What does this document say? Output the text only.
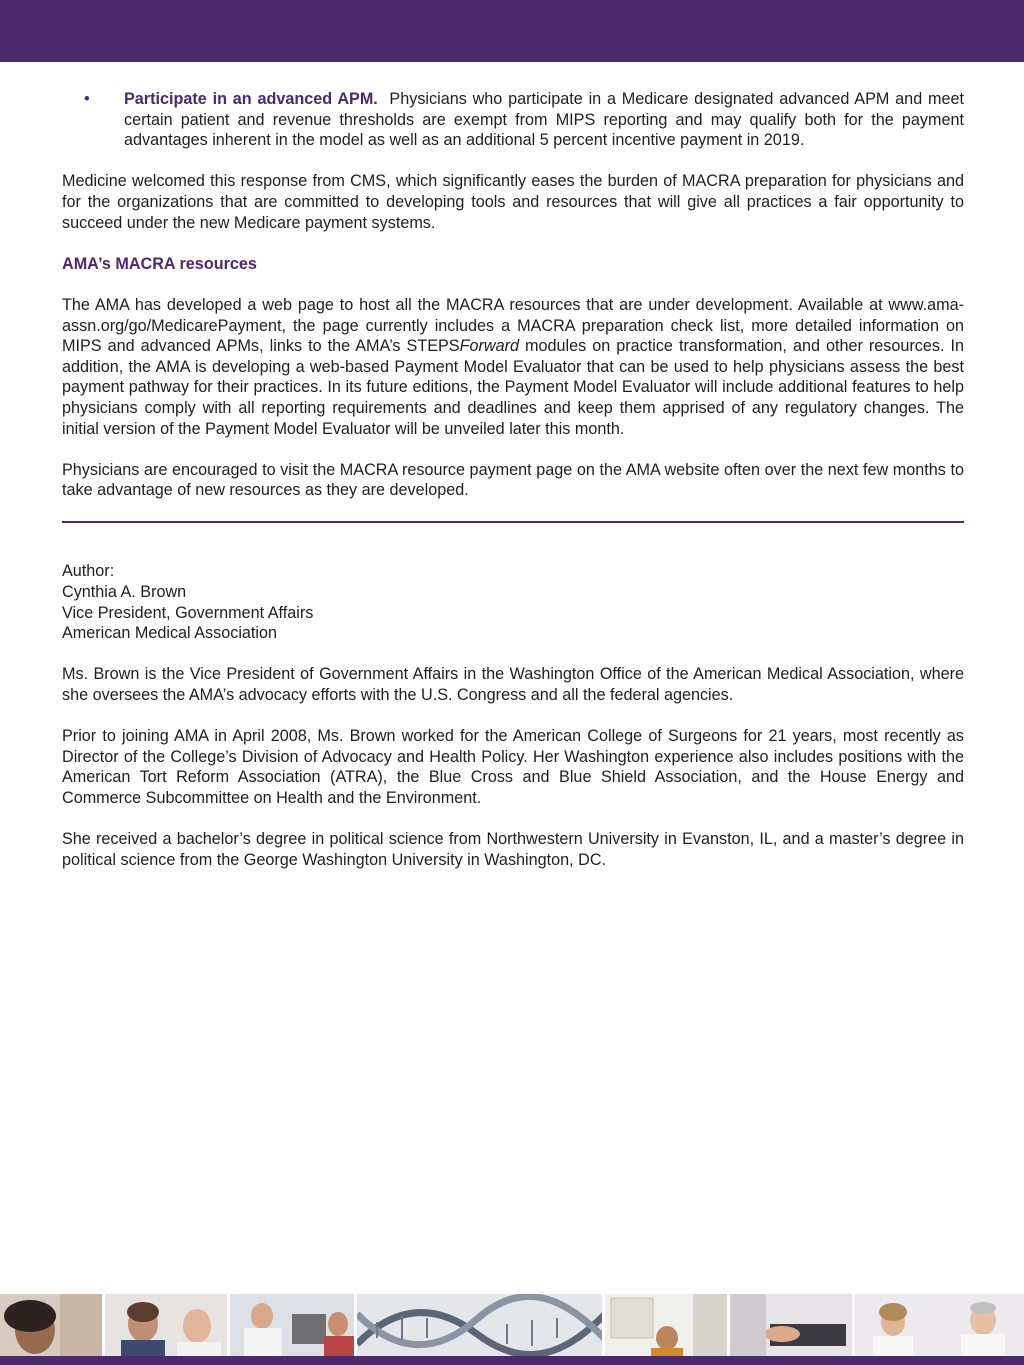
•	Participate in an advanced APM. Physicians who participate in a Medicare designated advanced APM and meet certain patient and revenue thresholds are exempt from MIPS reporting and may qualify both for the payment advantages inherent in the model as well as an additional 5 percent incentive payment in 2019.

Medicine welcomed this response from CMS, which significantly eases the burden of MACRA preparation for physicians and for the organizations that are committed to developing tools and resources that will give all practices a fair opportunity to succeed under the new Medicare payment systems.

AMA’s MACRA resources

The AMA has developed a web page to host all the MACRA resources that are under development. Available at www.ama-assn.org/go/MedicarePayment, the page currently includes a MACRA preparation check list, more detailed information on MIPS and advanced APMs, links to the AMA’s STEPSForward modules on practice transformation, and other resources. In addition, the AMA is developing a web-based Payment Model Evaluator that can be used to help physicians assess the best payment pathway for their practices. In its future editions, the Payment Model Evaluator will include additional features to help physicians comply with all reporting requirements and deadlines and keep them apprised of any regulatory changes. The initial version of the Payment Model Evaluator will be unveiled later this month.

Physicians are encouraged to visit the MACRA resource payment page on the AMA website often over the next few months to take advantage of new resources as they are developed.

Author:

Cynthia A. Brown

Vice President, Government Affairs

American Medical Association

Ms. Brown is the Vice President of Government Affairs in the Washington Office of the American Medical Association, where she oversees the AMA’s advocacy efforts with the U.S. Congress and all the federal agencies.

Prior to joining AMA in April 2008, Ms. Brown worked for the American College of Surgeons for 21 years, most recently as Director of the College’s Division of Advocacy and Health Policy. Her Washington experience also includes positions with the American Tort Reform Association (ATRA), the Blue Cross and Blue Shield Association, and the House Energy and Commerce Subcommittee on Health and the Environment.

She received a bachelor’s degree in political science from Northwestern University in Evanston, IL, and a master’s degree in political science from the George Washington University in Washington, DC.
